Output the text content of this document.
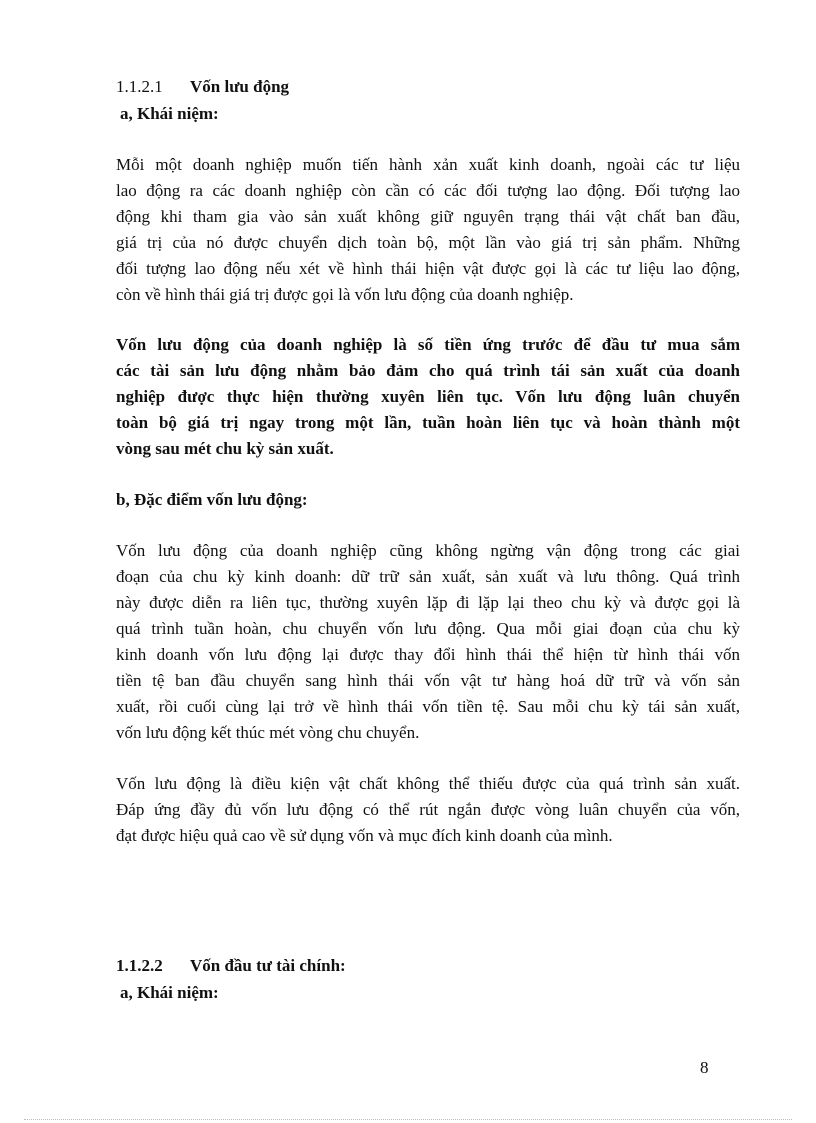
1.1.2.1 Vốn lưu động
a, Khái niệm:
Mỗi một doanh nghiệp muốn tiến hành xản xuất kinh doanh, ngoài các tư liệu
lao động ra các doanh nghiệp còn cần có các đối tượng lao động. Đối tượng lao
động khi tham gia vào sản xuất không giữ nguyên trạng thái vật chất ban đầu,
giá trị của nó được chuyển dịch toàn bộ, một lần vào giá trị sản phẩm. Những
đối tượng lao động nếu xét về hình thái hiện vật được gọi là các tư liệu lao động,
còn về hình thái giá trị được gọi là vốn lưu động của doanh nghiệp.
Vốn lưu động của doanh nghiệp là số tiền ứng trước để đầu tư mua sắm
các tài sản lưu động nhằm bảo đảm cho quá trình tái sản xuất của doanh
nghiệp được thực hiện thường xuyên liên tục. Vốn lưu động luân chuyển
toàn bộ giá trị ngay trong một lần, tuần hoàn liên tục và hoàn thành một
vòng sau mét chu kỳ sản xuất.
b, Đặc điểm vốn lưu động:
Vốn lưu động của doanh nghiệp cũng không ngừng vận động trong các giai
đoạn của chu kỳ kinh doanh: dữ trữ sản xuất, sản xuất và lưu thông. Quá trình
này được diễn ra liên tục, thường xuyên lặp đi lặp lại theo chu kỳ và được gọi là
quá trình tuần hoàn, chu chuyển vốn lưu động. Qua mỗi giai đoạn của chu kỳ
kinh doanh vốn lưu động lại được thay đổi hình thái thể hiện từ hình thái vốn
tiền tệ ban đầu chuyển sang hình thái vốn vật tư hàng hoá dữ trữ và vốn sản
xuất, rồi cuối cùng lại trở về hình thái vốn tiền tệ. Sau mỗi chu kỳ tái sản xuất,
vốn lưu động kết thúc mét vòng chu chuyển.
Vốn lưu động là điều kiện vật chất không thể thiếu được của quá trình sản xuất.
Đáp ứng đầy đủ vốn lưu động có thể rút ngắn được vòng luân chuyển của vốn,
đạt được hiệu quả cao về sử dụng vốn và mục đích kinh doanh của mình.
1.1.2.2 Vốn đầu tư tài chính:
a, Khái niệm:
8
